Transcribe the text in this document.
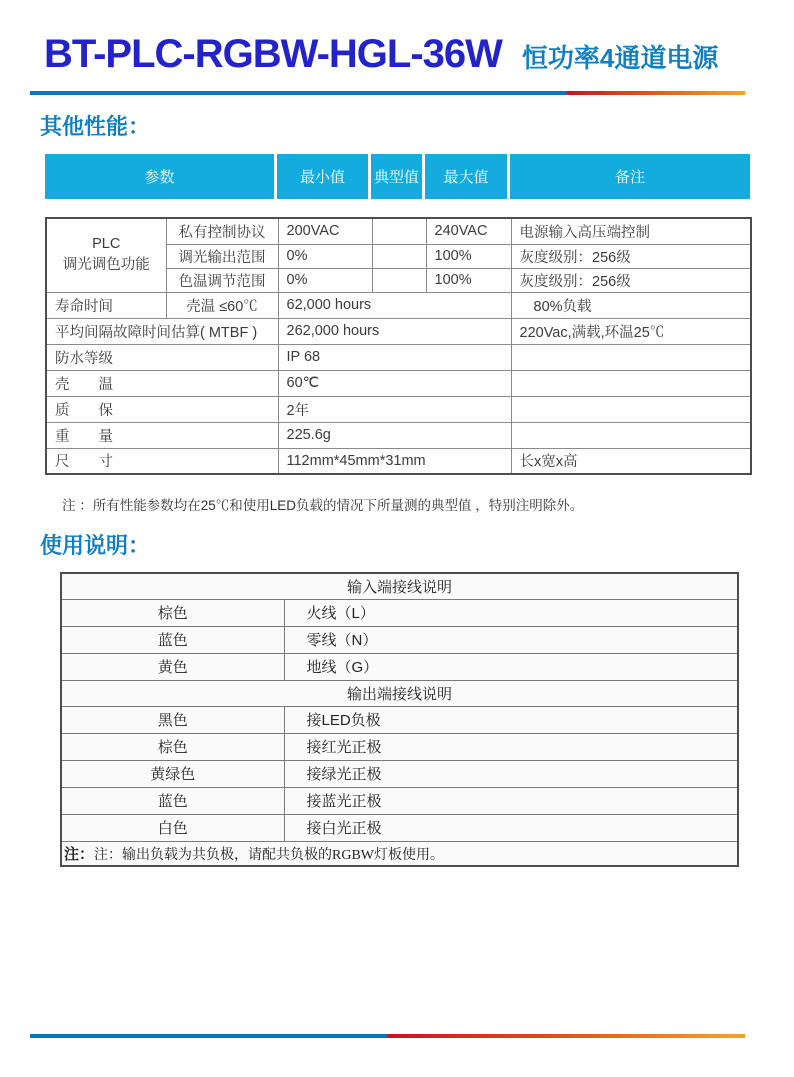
BT-PLC-RGBW-HGL-36W 恒功率4通道电源
其他性能：
参数	最小值	典型值	最大值	备注
PLC
调光调色功能	私有控制协议	200VAC		240VAC	电源输入高压端控制
	调光输出范围	0%		100%	灰度级别：256级
	色温调节范围	0%		100%	灰度级别：256级
寿命时间	壳温 ≤60℃	62,000 hours			80%负载
平均间隔故障时间估算( MTBF )		262,000 hours			220Vac,满载,环温25℃
防水等级		IP 68			
壳　　温		60℃			
质　　保		2年			
重　　量		225.6g			
尺　　寸		112mm*45mm*31mm			长x宽x高
注 ：所有性能参数均在25℃和使用LED负载的情况下所量测的典型值 ，特别注明除外。
使用说明：
输入端接线说明	
棕色	火线（L）
蓝色	零线（N）
黄色	地线（G）
输出端接线说明	
黑色	接LED负极
棕色	接红光正极
黄绿色	接绿光正极
蓝色	接蓝光正极
白色	接白光正极
注：注：输出负载为共负极，请配共负极的RGBW灯板使用。	
